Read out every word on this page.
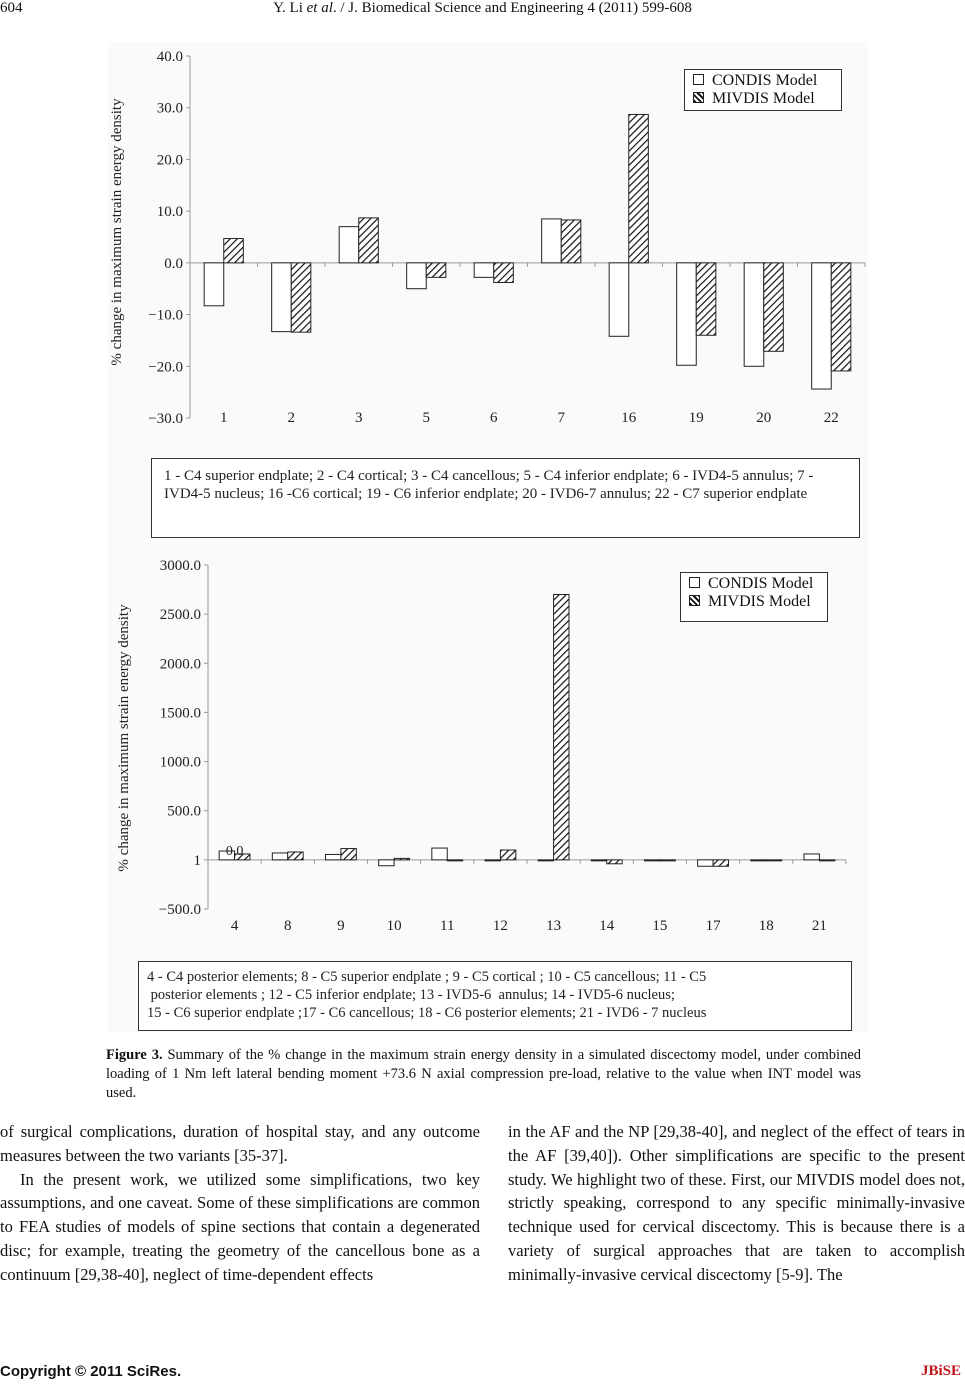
604	Y. Li et al. / J. Biomedical Science and Engineering 4 (2011) 599-608
40.0
30.0
20.0
10.0
0.0
−10.0
−20.0
−30.0 1	2	3	5	6	7	16	19	20	22
% change in maximum strain energy density
CONDIS Model
MIVDIS Model
1 - C4 superior endplate; 2 - C4 cortical; 3 - C4 cancellous; 5 - C4 inferior endplate; 6 - IVD4-5 annulus; 7 - IVD4-5 nucleus; 16 -C6 cortical; 19 - C6 inferior endplate; 20 - IVD6-7 annulus; 22 - C7 superior endplate
3000.0
2500.0
2000.0
1500.0
1000.0
500.0
1
−500.0
4	8	9	10	11	12	13	14	15	17	18	21
0.0
% change in maximum strain energy density
CONDIS Model
MIVDIS Model
4 - C4 posterior elements; 8 - C5 superior endplate ; 9 - C5 cortical ; 10 - C5 cancellous; 11 - C5
posterior elements ; 12 - C5 inferior endplate; 13 - IVD5-6  annulus; 14 - IVD5-6 nucleus;
15 - C6 superior endplate ;17 - C6 cancellous; 18 - C6 posterior elements; 21 - IVD6 - 7 nucleus
Figure 3. Summary of the % change in the maximum strain energy density in a simulated discectomy model, under combined loading of 1 Nm left lateral bending moment +73.6 N axial compression pre-load, relative to the value when INT model was used.

of surgical complications, duration of hospital stay, and any outcome measures between the two variants [35-37].

In the present work, we utilized some simplifications, two key assumptions, and one caveat. Some of these simplifications are common to FEA studies of models of spine sections that contain a degenerated disc; for example, treating the geometry of the cancellous bone as a continuum [29,38-40], neglect of time-dependent effects

in the AF and the NP [29,38-40], and neglect of the effect of tears in the AF [39,40]). Other simplifications are specific to the present study. We highlight two of these. First, our MIVDIS model does not, strictly speaking, correspond to any specific minimally-invasive technique used for cervical discectomy. This is because there is a variety of surgical approaches that are taken to accomplish minimally-invasive cervical discectomy [5-9]. The

Copyright © 2011 SciRes.	JBiSE
